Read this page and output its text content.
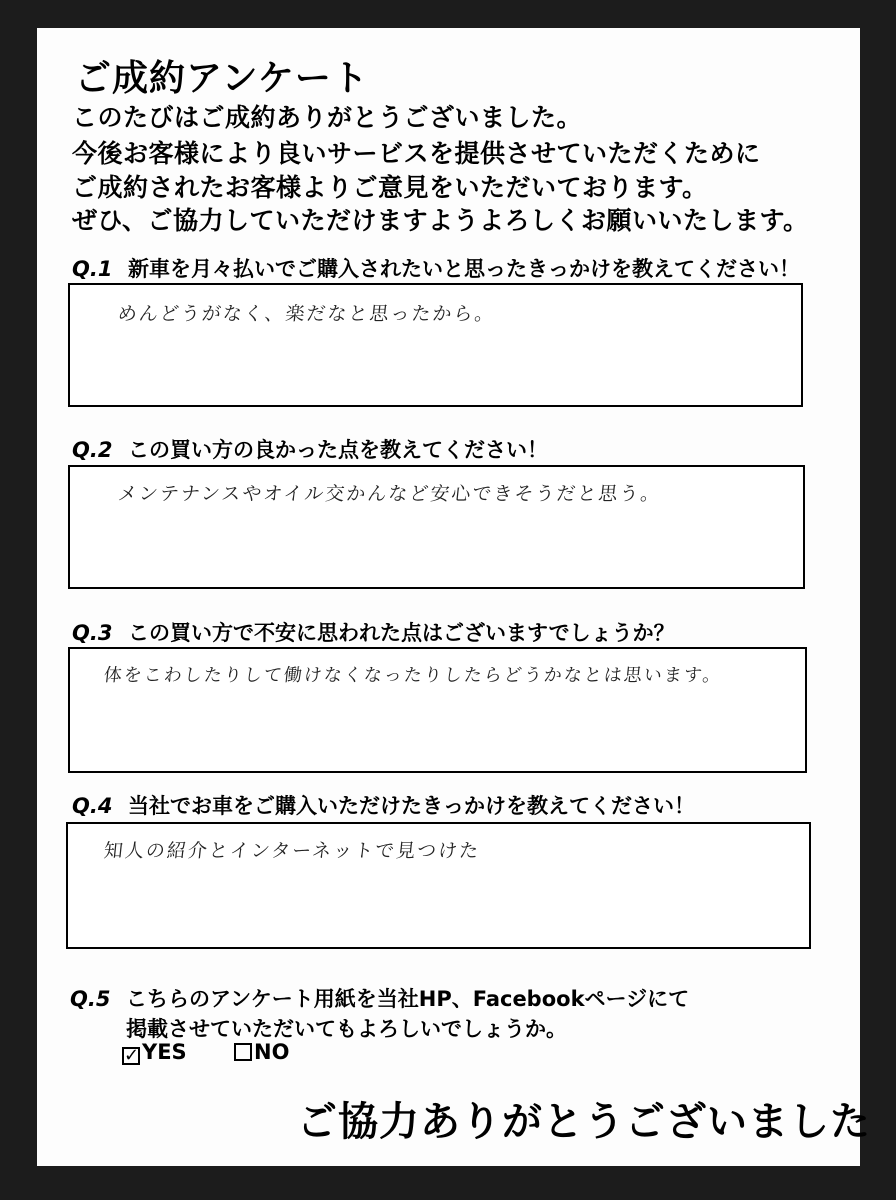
ご成約アンケート
このたびはご成約ありがとうございました。
今後お客様により良いサービスを提供させていただくために
ご成約されたお客様よりご意見をいただいております。
ぜひ、ご協力していただけますようよろしくお願いいたします。
Q.1 新車を月々払いでご購入されたいと思ったきっかけを教えてください！
めんどうがなく、楽だなと思ったから。
Q.2 この買い方の良かった点を教えてください！
メンテナンスやオイル交かんなど安心できそうだと思う。
Q.3 この買い方で不安に思われた点はございますでしょうか？
体をこわしたりして働けなくなったりしたらどうかなとは思います。
Q.4 当社でお車をご購入いただけたきっかけを教えてください！
知人の紹介とインターネットで見つけた
Q.5 こちらのアンケート用紙を当社HP、Facebookページにて
掲載させていただいてもよろしいでしょうか。
✓ YES	NO
ご協力ありがとうございました
